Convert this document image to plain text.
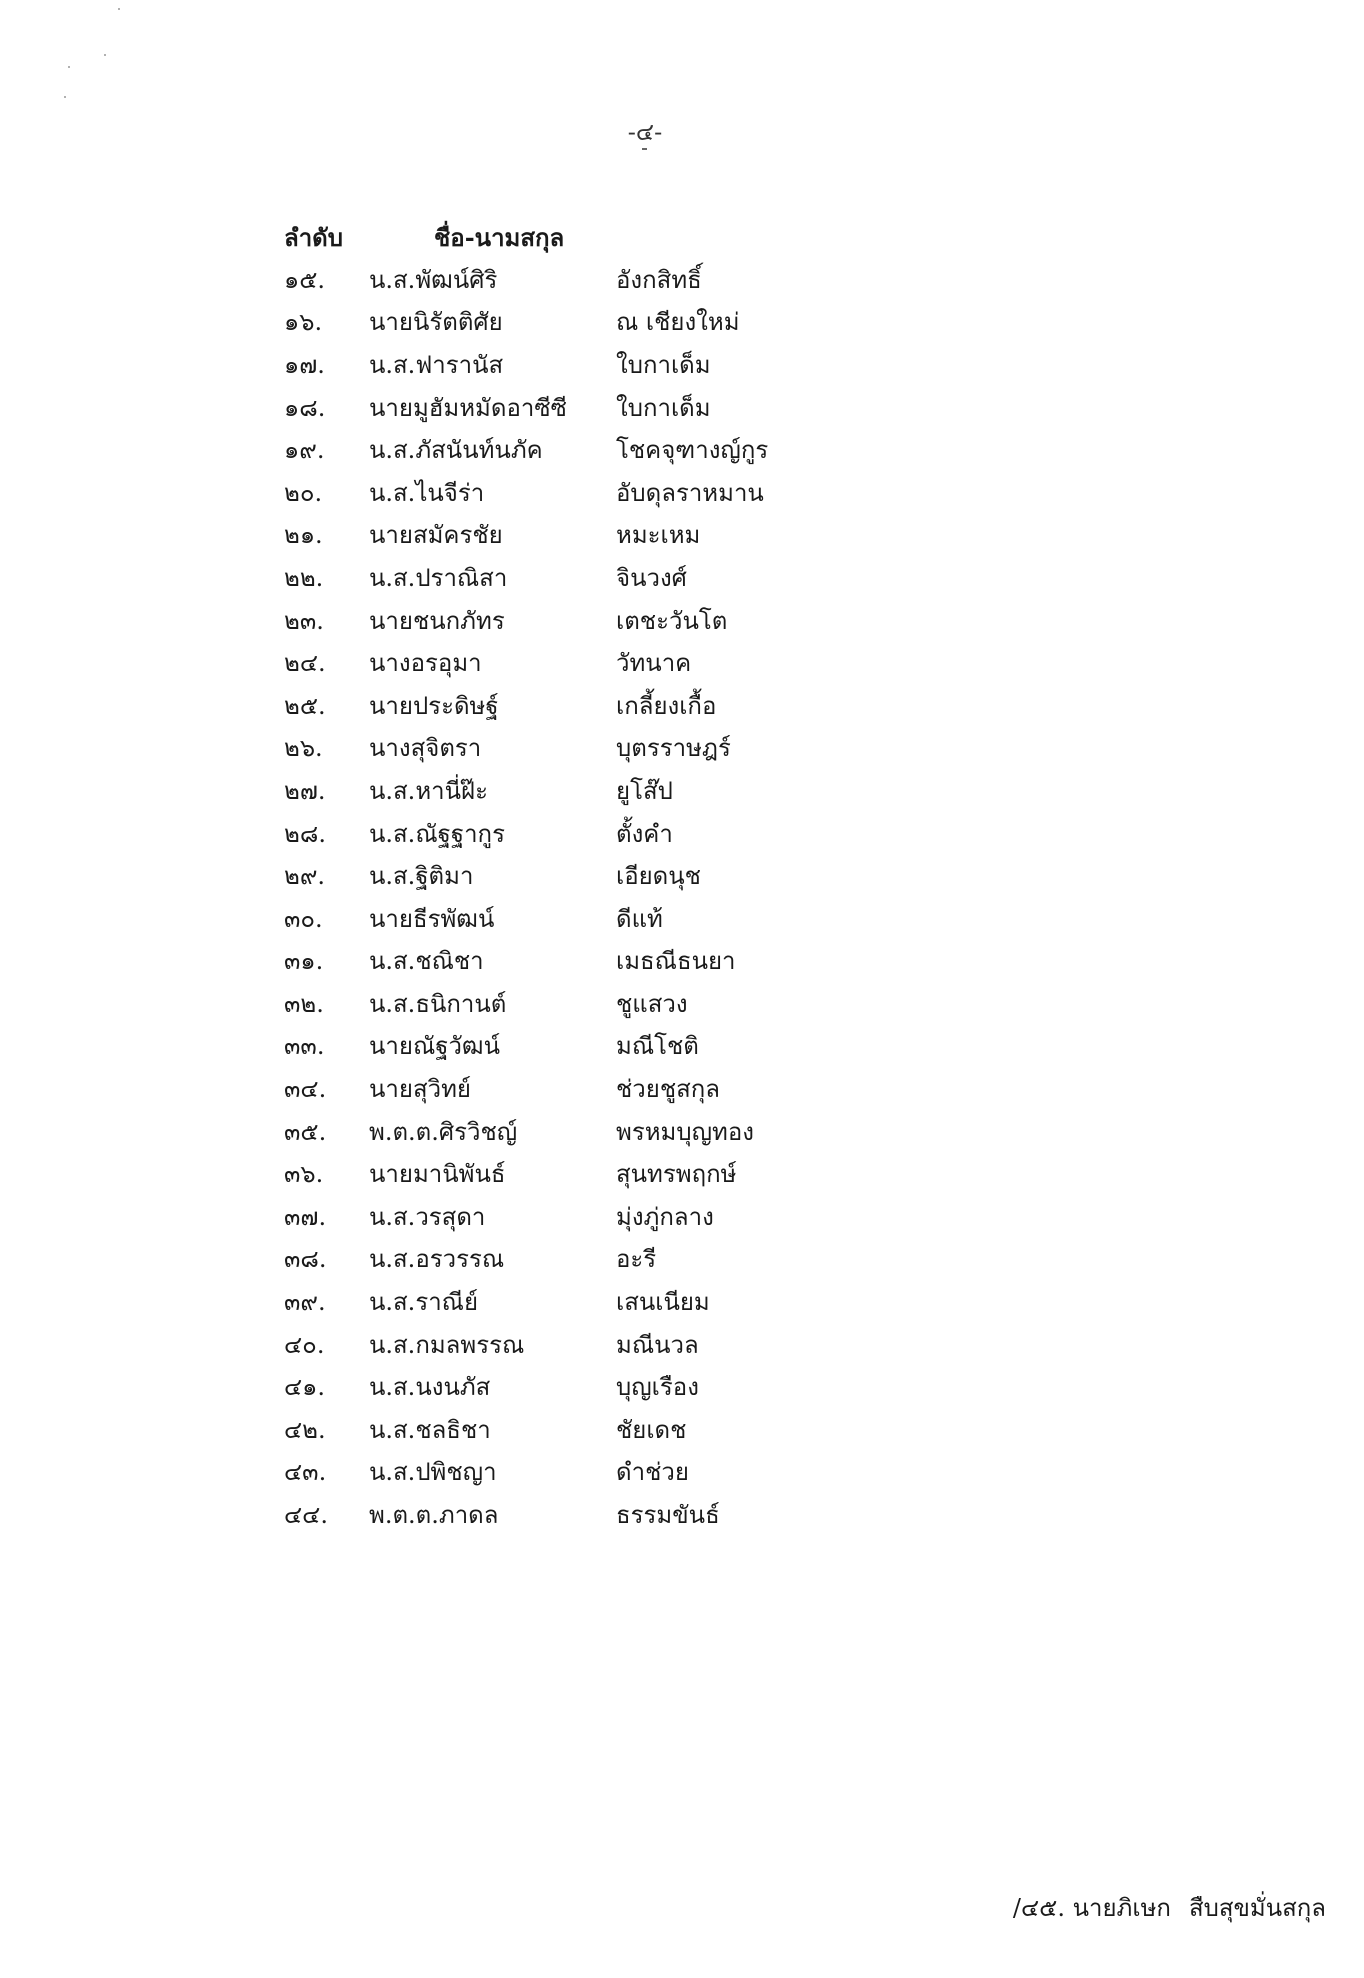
-๔-
ลำดับ	ชื่อ-นามสกุล
๑๕.	น.ส.พัฒน์ศิริ	อังกสิทธิ์
๑๖.	นายนิรัตติศัย	ณ เชียงใหม่
๑๗.	น.ส.ฟารานัส	ใบกาเด็ม
๑๘.	นายมูฮัมหมัดอาซีซี	ใบกาเด็ม
๑๙.	น.ส.ภัสนันท์นภัค	โชคจุฑางญ์กูร
๒๐.	น.ส.ไนจีร่า	อับดุลราหมาน
๒๑.	นายสมัครชัย	หมะเหม
๒๒.	น.ส.ปราณิสา	จินวงศ์
๒๓.	นายชนกภัทร	เตชะวันโต
๒๔.	นางอรอุมา	วัทนาค
๒๕.	นายประดิษฐ์	เกลี้ยงเกื้อ
๒๖.	นางสุจิตรา	บุตรราษฎร์
๒๗.	น.ส.หานี่ฝ๊ะ	ยูโส๊ป
๒๘.	น.ส.ณัฐฐากูร	ตั้งคำ
๒๙.	น.ส.ฐิติมา	เอียดนุช
๓๐.	นายธีรพัฒน์	ดีแท้
๓๑.	น.ส.ชณิชา	เมธณีธนยา
๓๒.	น.ส.ธนิกานต์	ชูแสวง
๓๓.	นายณัฐวัฒน์	มณีโชติ
๓๔.	นายสุวิทย์	ช่วยชูสกุล
๓๕.	พ.ต.ต.ศิรวิชญ์	พรหมบุญทอง
๓๖.	นายมานิพันธ์	สุนทรพฤกษ์
๓๗.	น.ส.วรสุดา	มุ่งภู่กลาง
๓๘.	น.ส.อรวรรณ	อะรี
๓๙.	น.ส.ราณีย์	เสนเนียม
๔๐.	น.ส.กมลพรรณ	มณีนวล
๔๑.	น.ส.นงนภัส	บุญเรือง
๔๒.	น.ส.ชลธิชา	ชัยเดช
๔๓.	น.ส.ปพิชญา	ดำช่วย
๔๔.	พ.ต.ต.ภาดล	ธรรมขันธ์
/๔๕. นายภิเษก สืบสุขมั่นสกุล
